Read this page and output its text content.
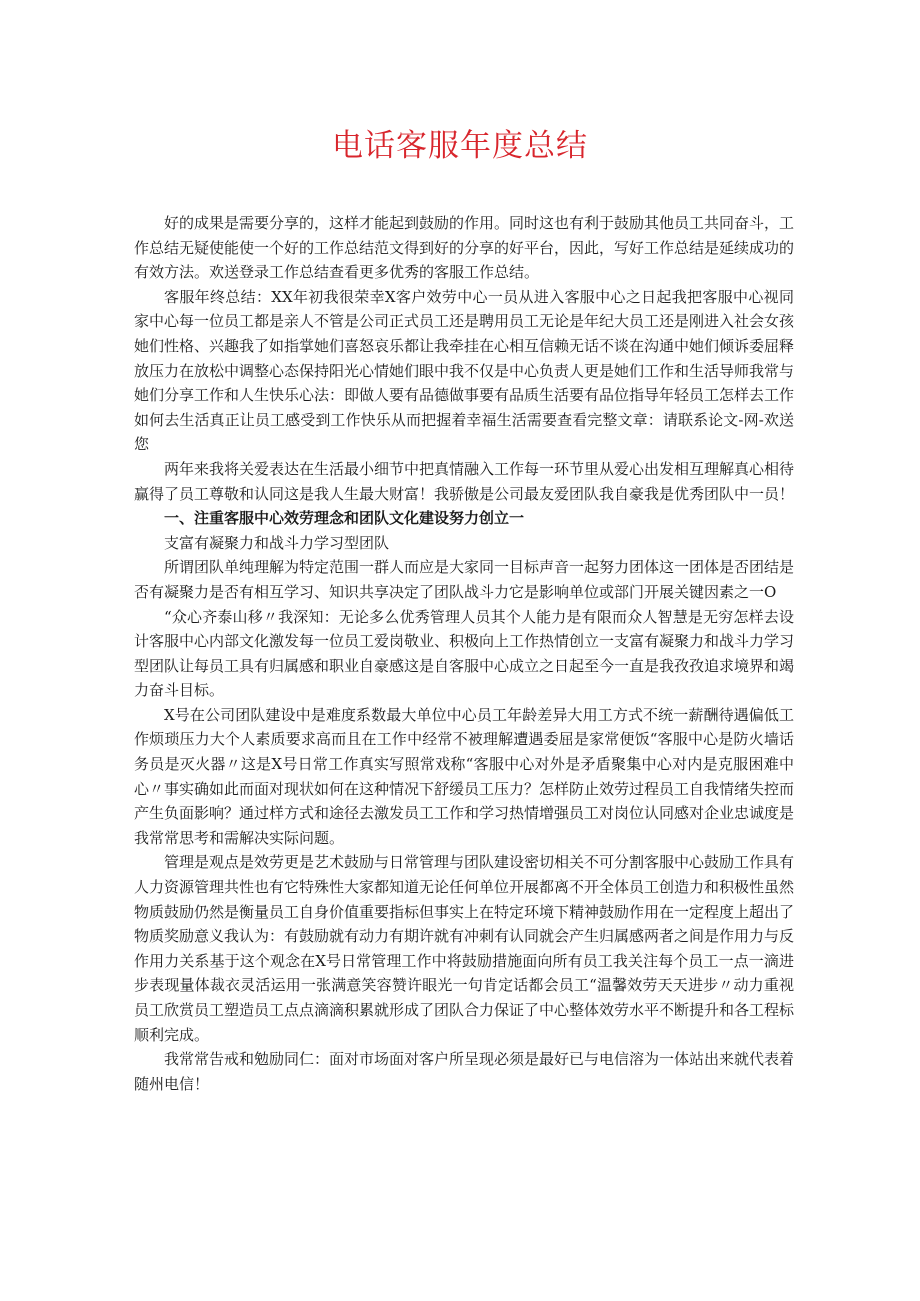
电话客服年度总结

好的成果是需要分享的，这样才能起到鼓励的作用。同时这也有利于鼓励其他员工共同奋斗，工作总结无疑使能使一个好的工作总结范文得到好的分享的好平台，因此，写好工作总结是延续成功的有效方法。欢送登录工作总结查看更多优秀的客服工作总结。

客服年终总结：XX年初我很荣幸X客户效劳中心一员从进入客服中心之日起我把客服中心视同家中心每一位员工都是亲人不管是公司正式员工还是聘用员工无论是年纪大员工还是刚进入社会女孩她们性格、兴趣我了如指掌她们喜怒哀乐都让我牵挂在心相互信赖无话不谈在沟通中她们倾诉委屈释放压力在放松中调整心态保持阳光心情她们眼中我不仅是中心负责人更是她们工作和生活导师我常与她们分享工作和人生快乐心法：即做人要有品德做事要有品质生活要有品位指导年轻员工怎样去工作如何去生活真正让员工感受到工作快乐从而把握着幸福生活需要查看完整文章：请联系论文-网-欢送您

两年来我将关爱表达在生活最小细节中把真情融入工作每一环节里从爱心出发相互理解真心相待赢得了员工尊敬和认同这是我人生最大财富！我骄傲是公司最友爱团队我自豪我是优秀团队中一员！

一、注重客服中心效劳理念和团队文化建设努力创立一

支富有凝聚力和战斗力学习型团队

所谓团队单纯理解为特定范围一群人而应是大家同一目标声音一起努力团体这一团体是否团结是否有凝聚力是否有相互学习、知识共享决定了团队战斗力它是影响单位或部门开展关键因素之一O

“众心齐泰山移〃我深知：无论多么优秀管理人员其个人能力是有限而众人智慧是无穷怎样去设计客服中心内部文化激发每一位员工爱岗敬业、积极向上工作热情创立一支富有凝聚力和战斗力学习型团队让每员工具有归属感和职业自豪感这是自客服中心成立之日起至今一直是我孜孜追求境界和竭力奋斗目标。

X号在公司团队建设中是难度系数最大单位中心员工年龄差异大用工方式不统一薪酬待遇偏低工作烦琐压力大个人素质要求高而且在工作中经常不被理解遭遇委屈是家常便饭“客服中心是防火墙话务员是灭火器〃这是X号日常工作真实写照常戏称“客服中心对外是矛盾聚集中心对内是克服困难中心〃事实确如此而面对现状如何在这种情况下舒缓员工压力？怎样防止效劳过程员工自我情绪失控而产生负面影响？通过样方式和途径去激发员工工作和学习热情增强员工对岗位认同感对企业忠诚度是我常常思考和需解决实际问题。

管理是观点是效劳更是艺术鼓励与日常管理与团队建设密切相关不可分割客服中心鼓励工作具有人力资源管理共性也有它特殊性大家都知道无论任何单位开展都离不开全体员工创造力和积极性虽然物质鼓励仍然是衡量员工自身价值重要指标但事实上在特定环境下精神鼓励作用在一定程度上超出了物质奖励意义我认为：有鼓励就有动力有期许就有冲刺有认同就会产生归属感两者之间是作用力与反作用力关系基于这个观念在X号日常管理工作中将鼓励措施面向所有员工我关注每个员工一点一滴进步表现量体裁衣灵活运用一张满意笑容赞许眼光一句肯定话都会员工“温馨效劳天天进步〃动力重视员工欣赏员工塑造员工点点滴滴积累就形成了团队合力保证了中心整体效劳水平不断提升和各工程标顺利完成。

我常常告戒和勉励同仁：面对市场面对客户所呈现必须是最好已与电信溶为一体站出来就代表着随州电信！
